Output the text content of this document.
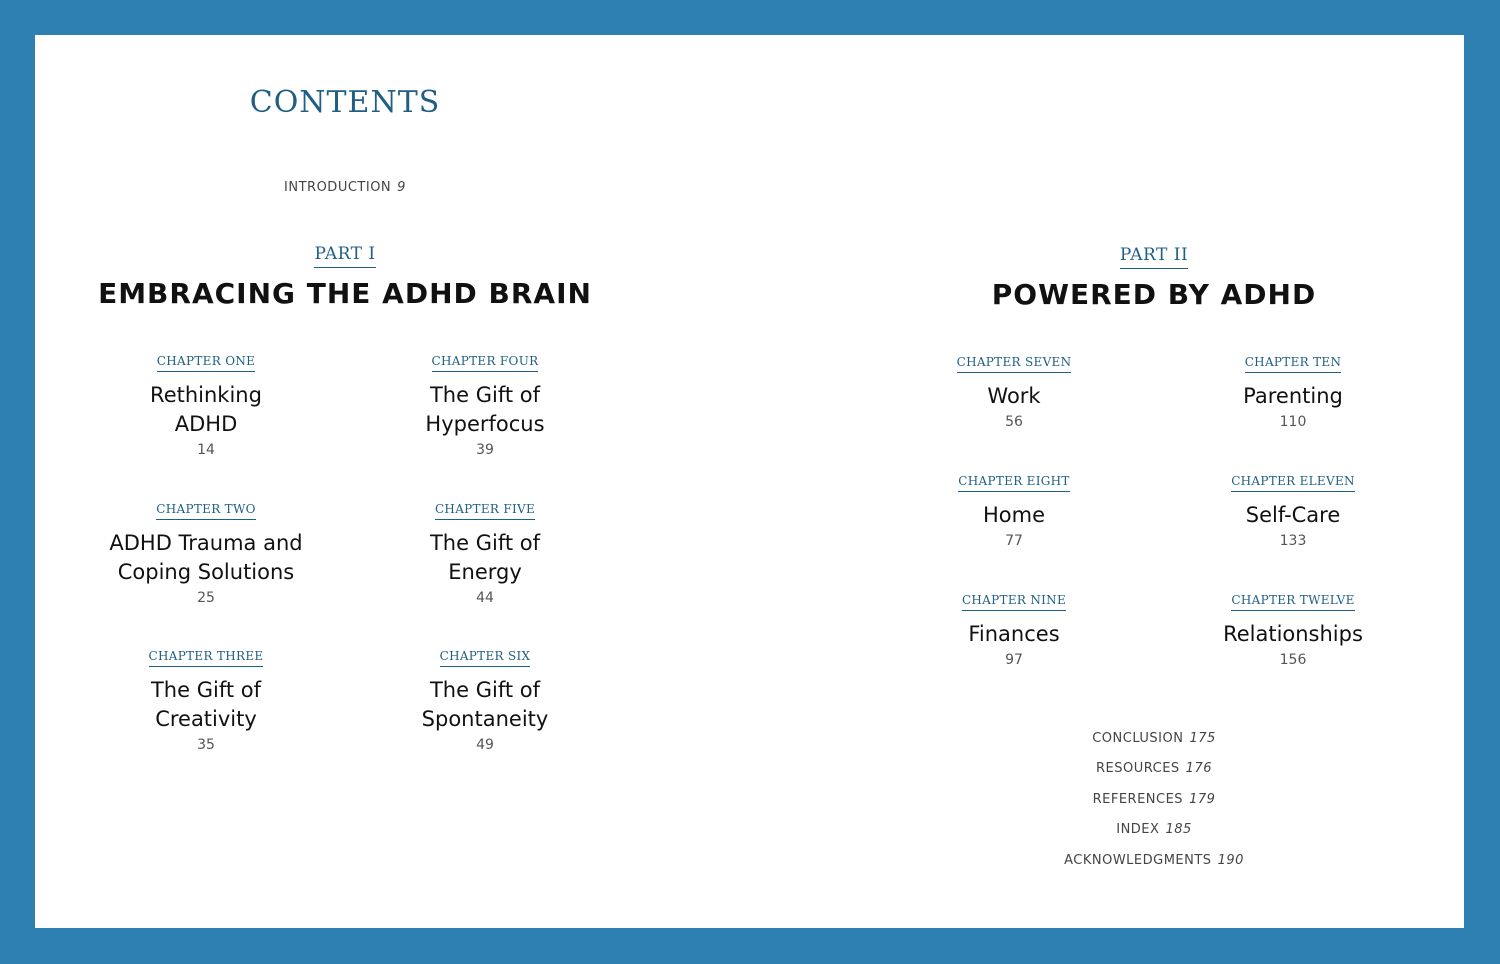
CONTENTS
INTRODUCTION 9
PART I
EMBRACING THE ADHD BRAIN
CHAPTER ONE
Rethinking
ADHD
14
CHAPTER TWO
ADHD Trauma and
Coping Solutions
25
CHAPTER THREE
The Gift of
Creativity
35
CHAPTER FOUR
The Gift of
Hyperfocus
39
CHAPTER FIVE
The Gift of
Energy
44
CHAPTER SIX
The Gift of
Spontaneity
49
PART II
POWERED BY ADHD
CHAPTER SEVEN
Work
56
CHAPTER EIGHT
Home
77
CHAPTER NINE
Finances
97
CHAPTER TEN
Parenting
110
CHAPTER ELEVEN
Self-Care
133
CHAPTER TWELVE
Relationships
156
CONCLUSION 175
RESOURCES 176
REFERENCES 179
INDEX 185
ACKNOWLEDGMENTS 190
